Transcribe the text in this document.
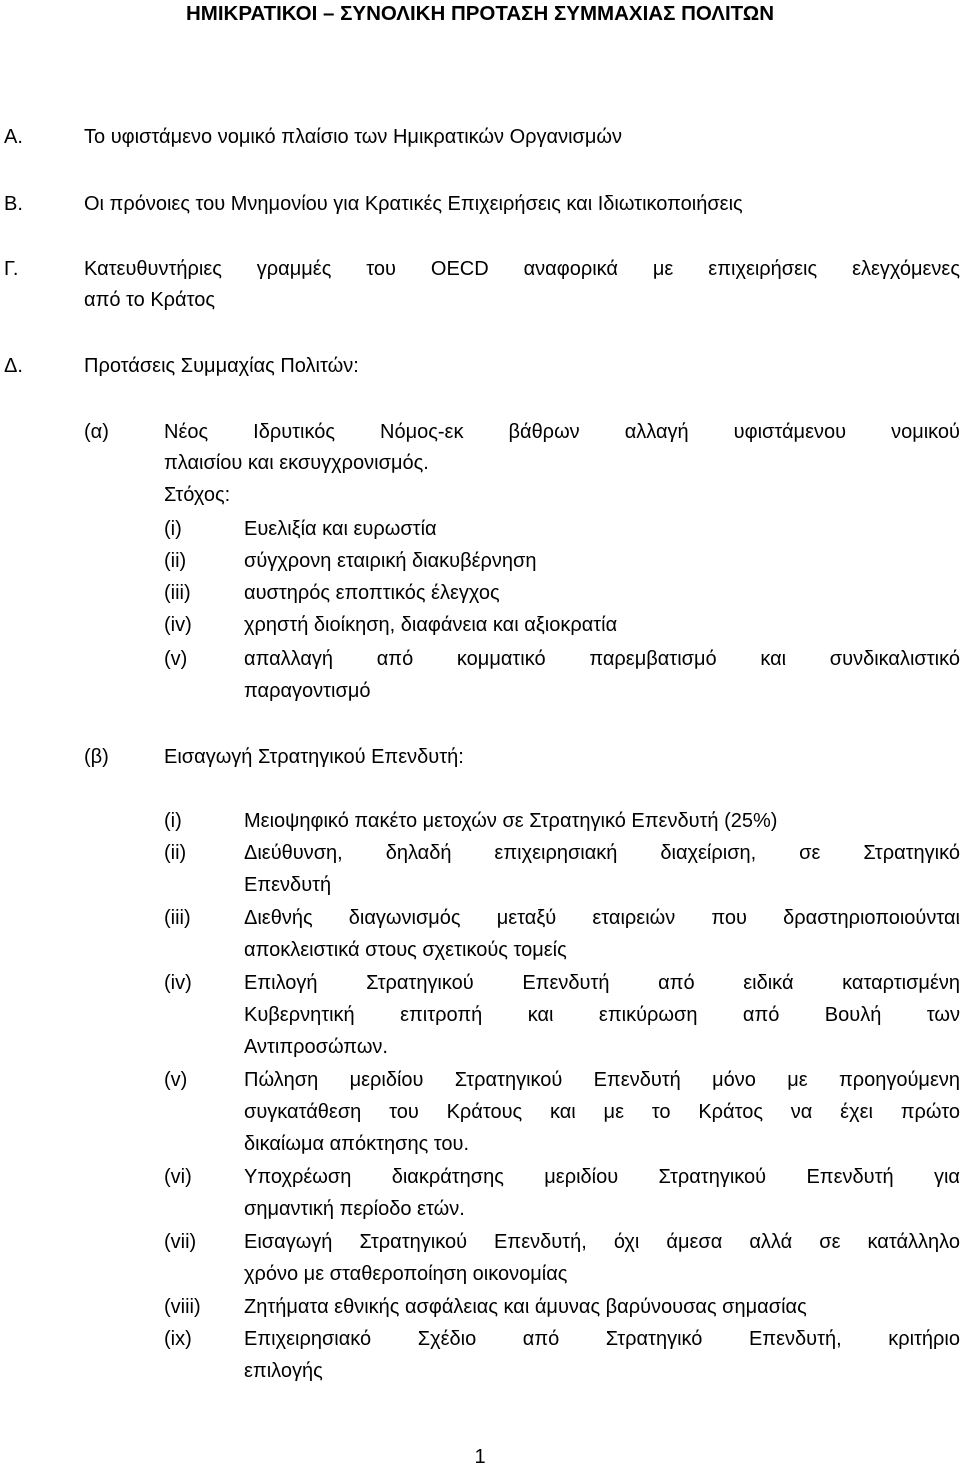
ΗΜΙΚΡΑΤΙΚΟΙ – ΣΥΝΟΛΙΚΗ ΠΡΟΤΑΣΗ ΣΥΜΜΑΧΙΑΣ ΠΟΛΙΤΩΝ
Α.	Το υφιστάμενο νομικό πλαίσιο των Ημικρατικών Οργανισμών
Β.	Οι πρόνοιες του Μνημονίου για Κρατικές Επιχειρήσεις και Ιδιωτικοποιήσεις
Γ.	Κατευθυντήριες γραμμές του OECD αναφορικά με επιχειρήσεις ελεγχόμενες
από το Κράτος
Δ.	Προτάσεις Συμμαχίας Πολιτών:
(α)	Νέος Ιδρυτικός Νόμος-εκ βάθρων αλλαγή υφιστάμενου νομικού
πλαισίου και εκσυγχρονισμός.
Στόχος:
(i)	Ευελιξία και ευρωστία
(ii)	σύγχρονη εταιρική διακυβέρνηση
(iii)	αυστηρός εποπτικός έλεγχος
(iv)	χρηστή διοίκηση, διαφάνεια και αξιοκρατία
(v)	απαλλαγή από κομματικό παρεμβατισμό και συνδικαλιστικό
παραγοντισμό
(β)	Εισαγωγή Στρατηγικού Επενδυτή:
(i)	Μειοψηφικό πακέτο μετοχών σε Στρατηγικό Επενδυτή (25%)
(ii)	Διεύθυνση, δηλαδή επιχειρησιακή διαχείριση, σε Στρατηγικό
Επενδυτή
(iii)	Διεθνής διαγωνισμός μεταξύ εταιρειών που δραστηριοποιούνται
αποκλειστικά στους σχετικούς τομείς
(iv)	Επιλογή Στρατηγικού Επενδυτή από ειδικά καταρτισμένη
Κυβερνητική επιτροπή και επικύρωση από Βουλή των
Αντιπροσώπων.
(v)	Πώληση μεριδίου Στρατηγικού Επενδυτή μόνο με προηγούμενη
συγκατάθεση του Κράτους και με το Κράτος να έχει πρώτο
δικαίωμα απόκτησης του.
(vi)	Υποχρέωση διακράτησης μεριδίου Στρατηγικού Επενδυτή για
σημαντική περίοδο ετών.
(vii) Εισαγωγή Στρατηγικού Επενδυτή, όχι άμεσα αλλά σε κατάλληλο
χρόνο με σταθεροποίηση οικονομίας
(viii) Ζητήματα εθνικής ασφάλειας και άμυνας βαρύνουσας σημασίας
(ix)	Επιχειρησιακό Σχέδιο από Στρατηγικό Επενδυτή, κριτήριο
επιλογής
1
